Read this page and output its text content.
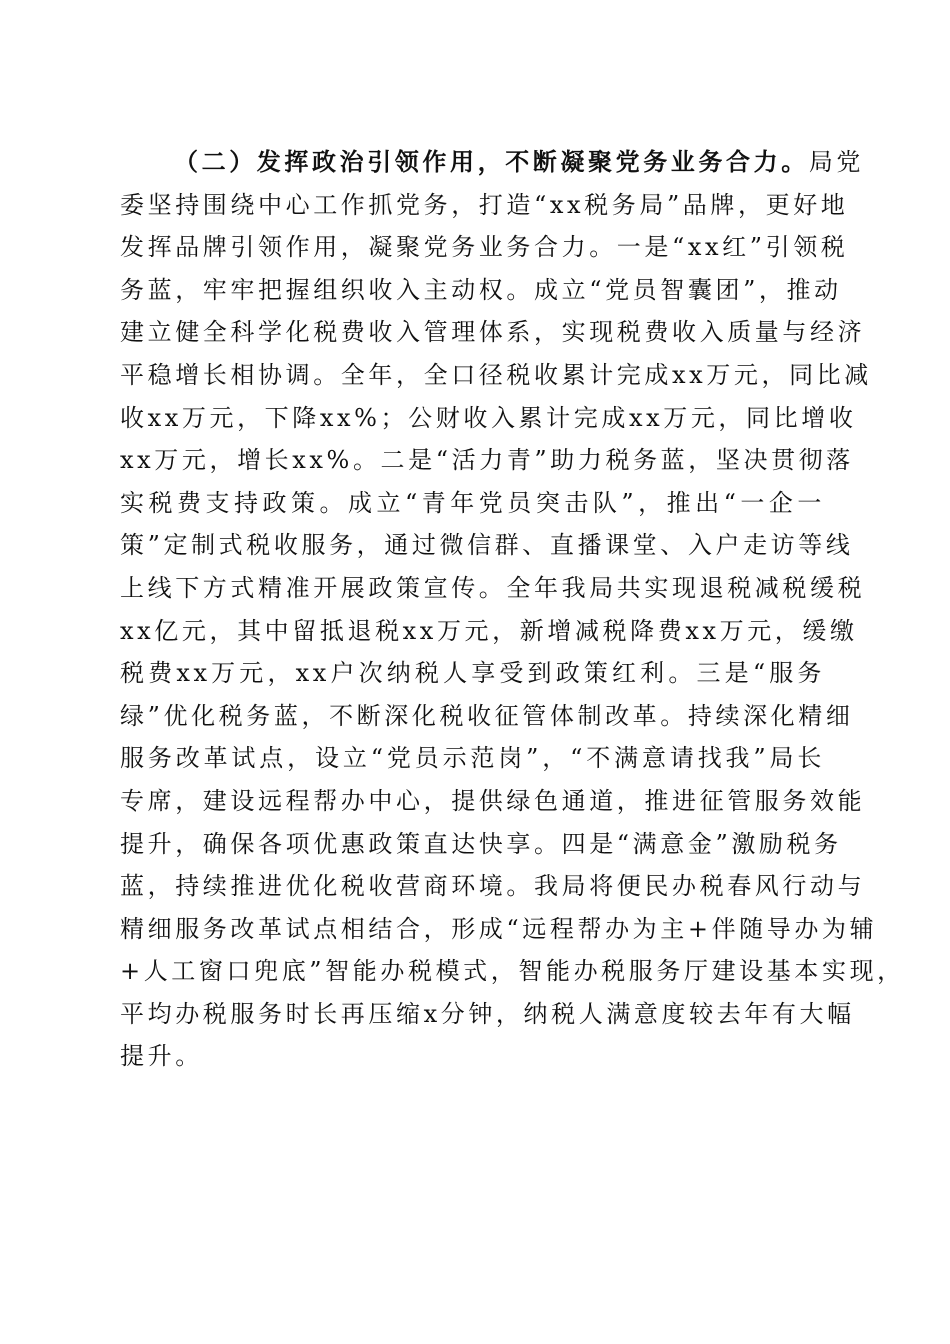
（二）发挥政治引领作用，不断凝聚党务业务合力。局党
委坚持围绕中心工作抓党务，打造“xx税务局”品牌，更好地
发挥品牌引领作用，凝聚党务业务合力。一是“xx红”引领税
务蓝，牢牢把握组织收入主动权。成立“党员智囊团”，推动
建立健全科学化税费收入管理体系，实现税费收入质量与经济
平稳增长相协调。全年，全口径税收累计完成xx万元，同比减
收xx万元，下降xx%；公财收入累计完成xx万元，同比增收
xx万元，增长xx%。二是“活力青”助力税务蓝，坚决贯彻落
实税费支持政策。成立“青年党员突击队”，推出“一企一
策”定制式税收服务，通过微信群、直播课堂、入户走访等线
上线下方式精准开展政策宣传。全年我局共实现退税减税缓税
xx亿元，其中留抵退税xx万元，新增减税降费xx万元，缓缴
税费xx万元，xx户次纳税人享受到政策红利。三是“服务
绿”优化税务蓝，不断深化税收征管体制改革。持续深化精细
服务改革试点，设立“党员示范岗”，“不满意请找我”局长
专席，建设远程帮办中心，提供绿色通道，推进征管服务效能
提升，确保各项优惠政策直达快享。四是“满意金”激励税务
蓝，持续推进优化税收营商环境。我局将便民办税春风行动与
精细服务改革试点相结合，形成“远程帮办为主+伴随导办为辅
+人工窗口兜底”智能办税模式，智能办税服务厅建设基本实现，
平均办税服务时长再压缩x分钟，纳税人满意度较去年有大幅
提升。
